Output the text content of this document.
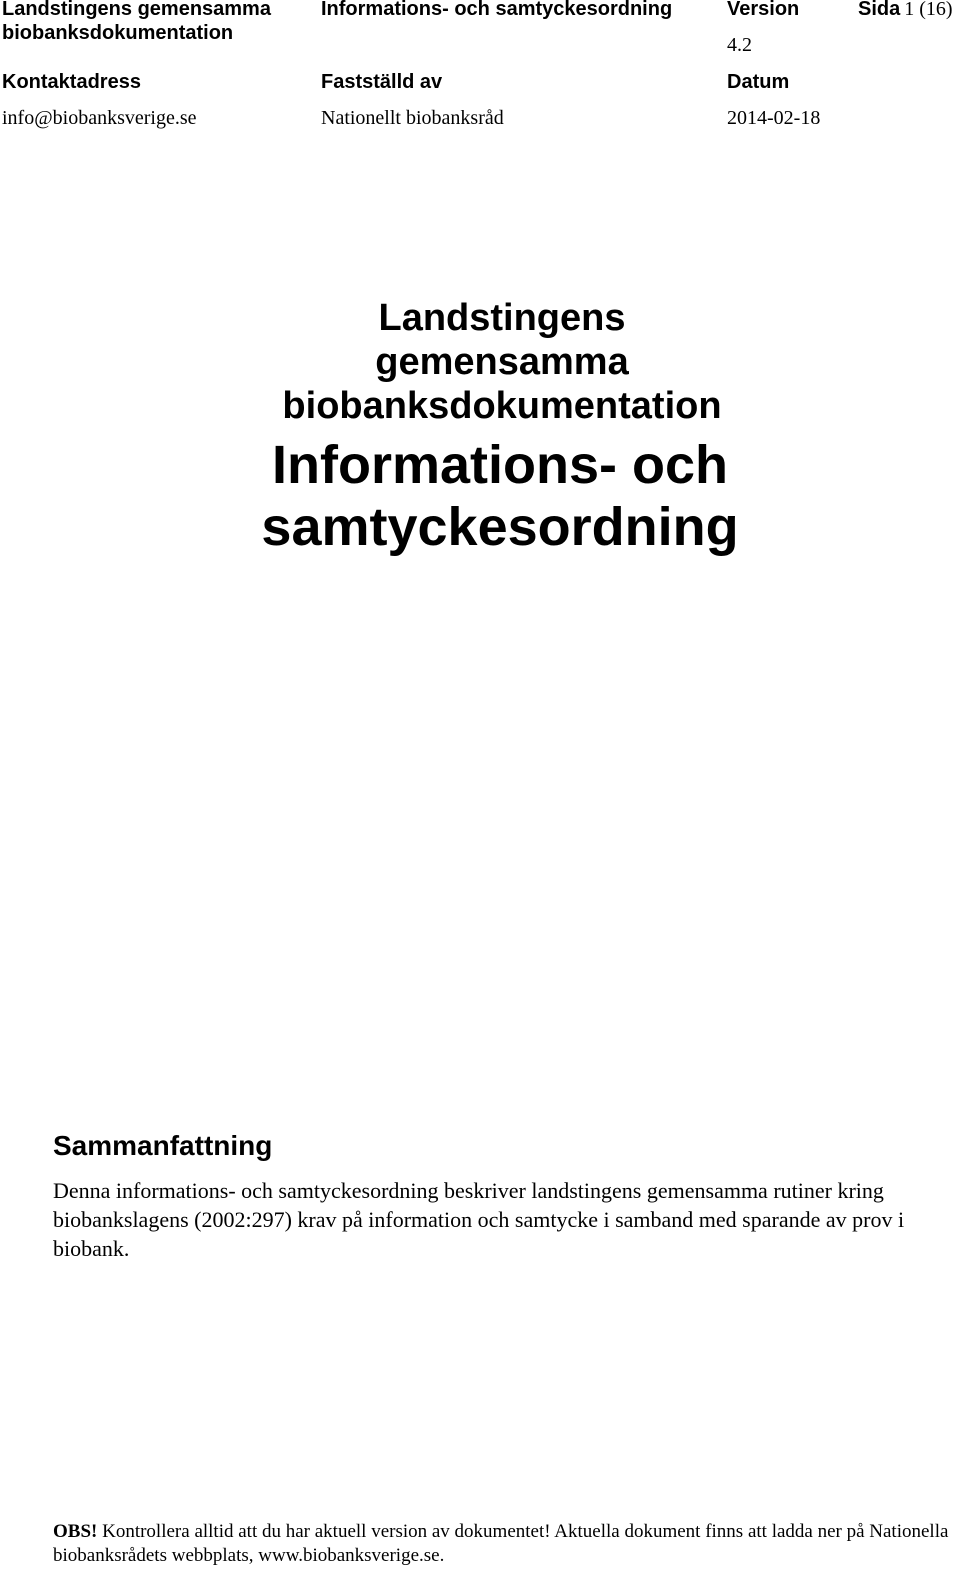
Landstingens gemensamma biobanksdokumentation
Informations- och samtyckesordning	Version
4.2
Sida 1 (16)
Kontaktadress
info@biobanksverige.se
Fastställd av
Nationellt biobanksråd
Datum
2014-02-18
Landstingens gemensamma biobanksdokumentation
Informations- och samtyckesordning
Sammanfattning
Denna informations- och samtyckesordning beskriver landstingens gemensamma rutiner kring biobankslagens (2002:297) krav på information och samtycke i samband med sparande av prov i biobank.
OBS! Kontrollera alltid att du har aktuell version av dokumentet! Aktuella dokument finns att ladda ner på Nationella biobanksrådets webbplats, www.biobanksverige.se.
